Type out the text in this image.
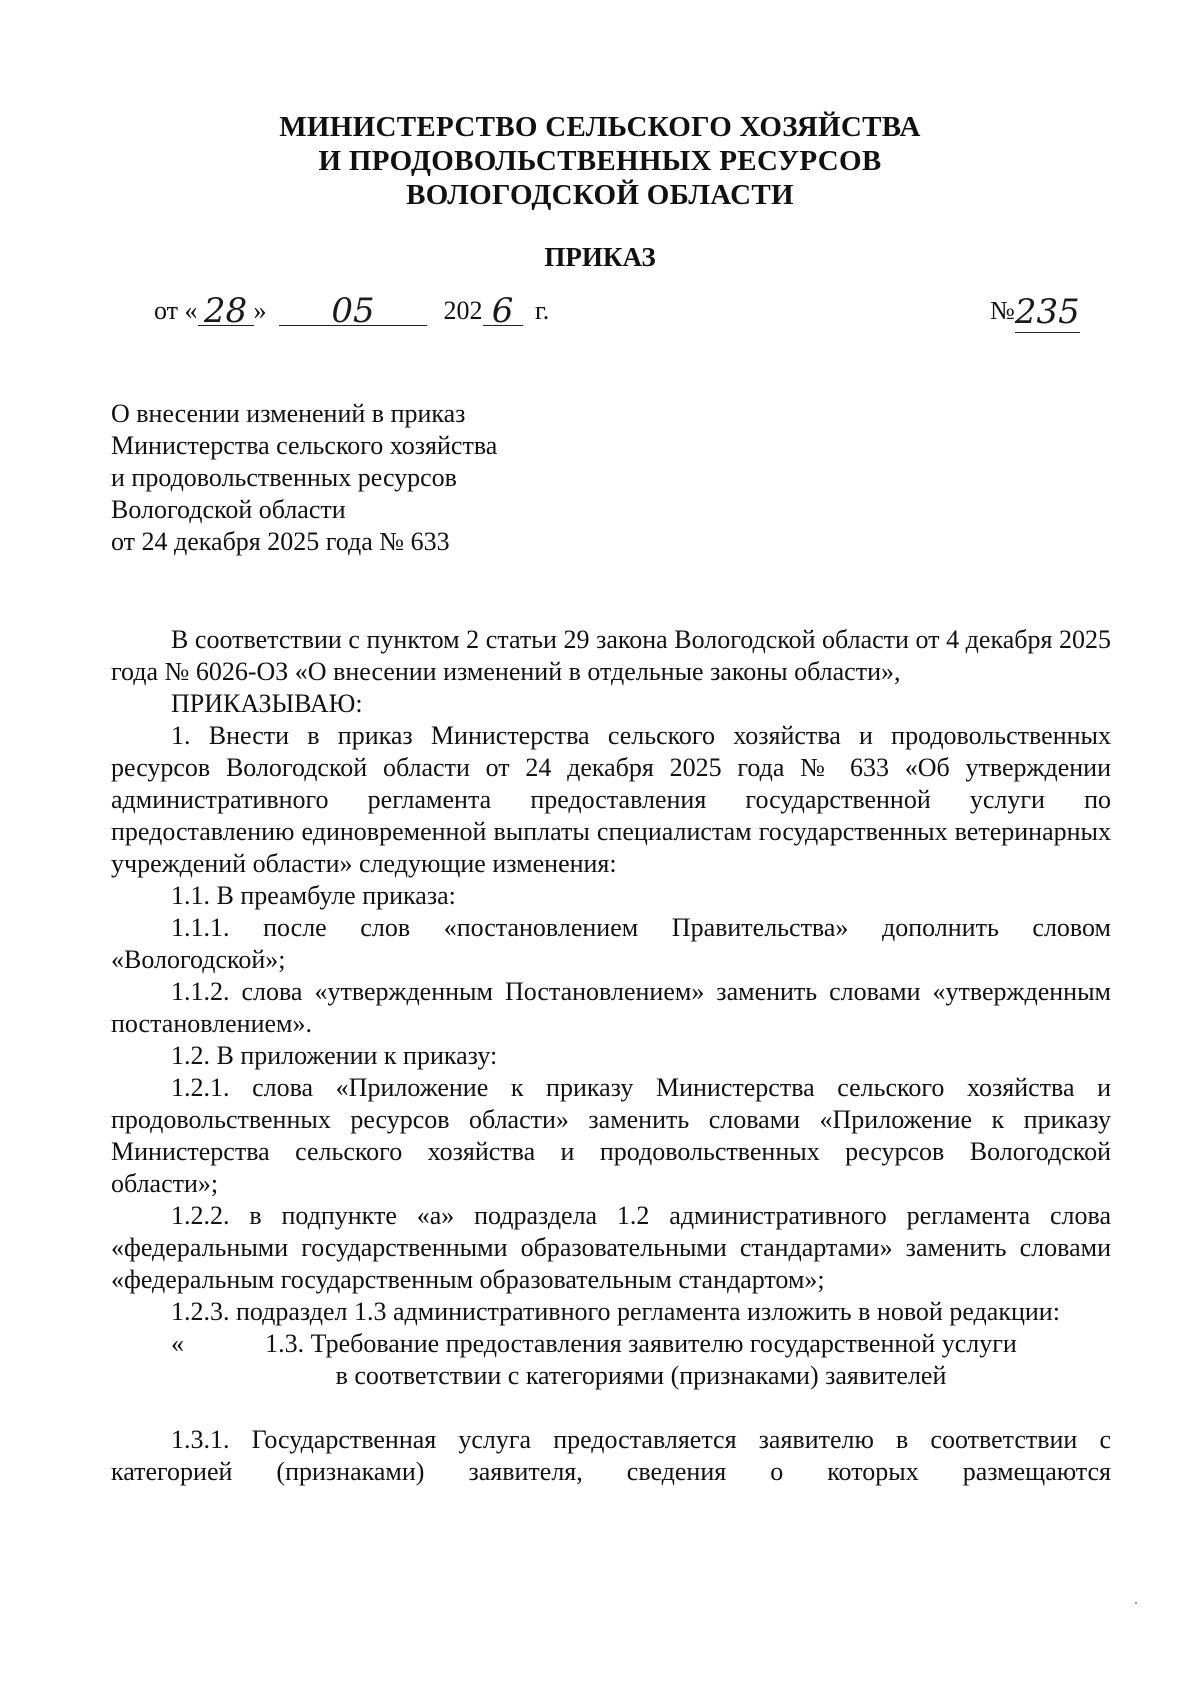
МИНИСТЕРСТВО СЕЛЬСКОГО ХОЗЯЙСТВА
И ПРОДОВОЛЬСТВЕННЫХ РЕСУРСОВ
ВОЛОГОДСКОЙ ОБЛАСТИ
ПРИКАЗ
от « 28 » 05	202 6 г.	№235
О внесении изменений в приказ
Министерства сельского хозяйства
и продовольственных ресурсов
Вологодской области
от 24 декабря 2025 года № 633

В соответствии с пунктом 2 статьи 29 закона Вологодской области от 4 декабря 2025 года № 6026-ОЗ «О внесении изменений в отдельные законы области»,

ПРИКАЗЫВАЮ:

1. Внести в приказ Министерства сельского хозяйства и продовольственных ресурсов Вологодской области от 24 декабря 2025 года № 633 «Об утверждении административного регламента предоставления государственной услуги по предоставлению единовременной выплаты специалистам государственных ветеринарных учреждений области» следующие изменения:

1.1. В преамбуле приказа:

1.1.1. после слов «постановлением Правительства» дополнить словом «Вологодской»;

1.1.2. слова «утвержденным Постановлением» заменить словами «утвержденным постановлением».

1.2. В приложении к приказу:

1.2.1. слова «Приложение к приказу Министерства сельского хозяйства и продовольственных ресурсов области» заменить словами «Приложение к приказу Министерства сельского хозяйства и продовольственных ресурсов Вологодской области»;

1.2.2. в подпункте «а» подраздела 1.2 административного регламента слова «федеральными государственными образовательными стандартами» заменить словами «федеральным государственным образовательным стандартом»;

1.2.3. подраздел 1.3 административного регламента изложить в новой редакции:

«	1.3. Требование предоставления заявителю государственной услуги
в соответствии с категориями (признаками) заявителей

1.3.1. Государственная услуга предоставляется заявителю в соответствии с категорией (признаками) заявителя, сведения о которых размещаются
